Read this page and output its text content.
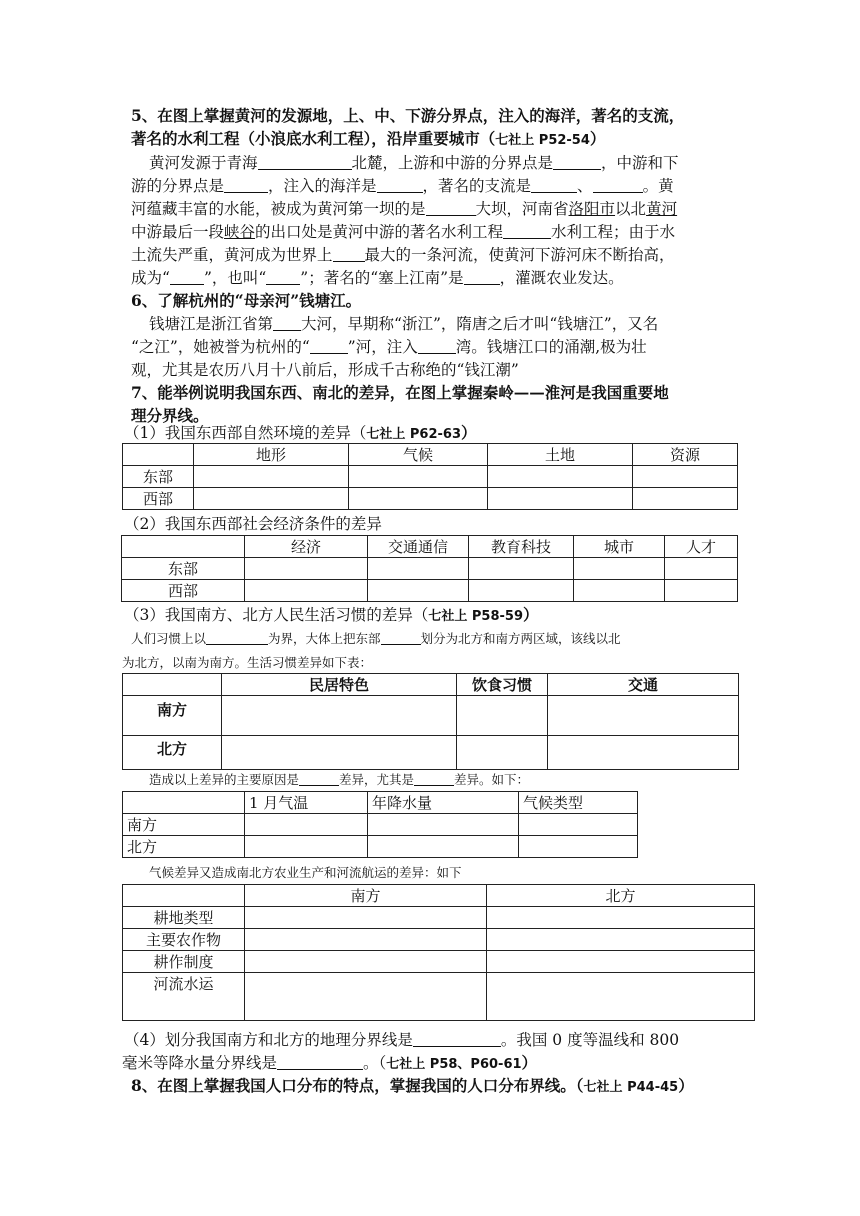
5、在图上掌握黄河的发源地，上、中、下游分界点，注入的海洋，著名的支流，
著名的水利工程（小浪底水利工程），沿岸重要城市（七社上 P52-54）
黄河发源于青海	北麓，上游和中游的分界点是	，中游和下
游的分界点是	，注入的海洋是	，著名的支流是	、	。黄
河蕴藏丰富的水能，被成为黄河第一坝的是	大坝，河南省洛阳市以北黄河
中游最后一段峡谷的出口处是黄河中游的著名水利工程	水利工程；由于水
土流失严重，黄河成为世界上 最大的一条河流，使黄河下游河床不断抬高，
成为“ ”，也叫“ ”；著名的“塞上江南”是 ，灌溉农业发达。
6、了解杭州的“母亲河”钱塘江。
钱塘江是浙江省第 大河，早期称“浙江”，隋唐之后才叫“钱塘江”，又名
“之江”，她被誉为杭州的“ ”河，注入 湾。钱塘江口的涌潮,极为壮
观，尤其是农历八月十八前后，形成千古称绝的“钱江潮”
7、能举例说明我国东西、南北的差异，在图上掌握秦岭——淮河是我国重要地
理分界线。
（1）我国东西部自然环境的差异（七社上 P62-63）
	地形	气候	土地	资源
东部				
西部				
（2）我国东西部社会经济条件的差异
	经济	交通通信	教育科技	城市	人才
东部					
西部					
（3）我国南方、北方人民生活习惯的差异（七社上 P58-59）
人们习惯上以	为界，大体上把东部	划分为北方和南方两区域，该线以北
为北方，以南为南方。生活习惯差异如下表：
	民居特色	饮食习惯	交通
南方			
北方			
造成以上差异的主要原因是	差异，尤其是	差异。如下：
	1 月气温	年降水量	气候类型
南方			
北方			
气候差异又造成南北方农业生产和河流航运的差异：如下
	南方	北方
耕地类型		
主要农作物		
耕作制度		
河流水运		
（4）划分我国南方和北方的地理分界线是	。我国 0 度等温线和 800
毫米等降水量分界线是	。（七社上 P58、P60-61）
8、在图上掌握我国人口分布的特点，掌握我国的人口分布界线。（七社上 P44-45）
